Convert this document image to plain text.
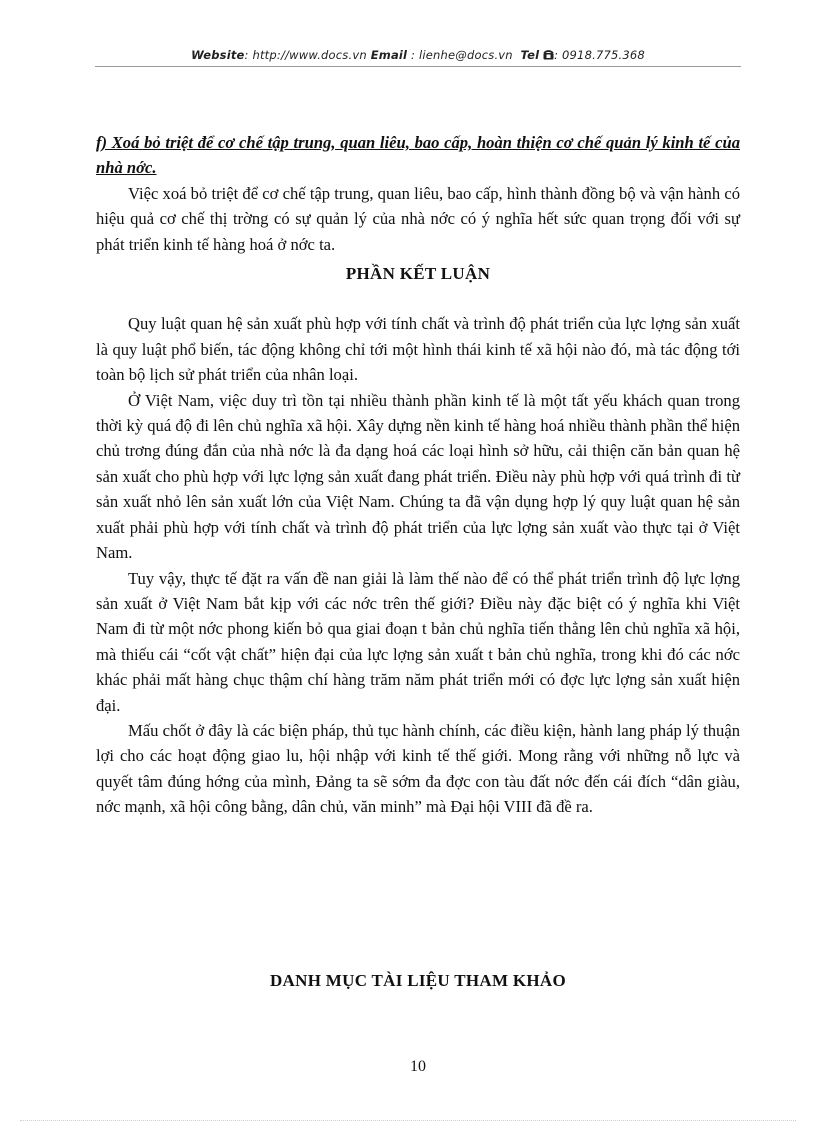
Website: http://www.docs.vn Email : lienhe@docs.vn Tel : 0918.775.368

f) Xoá bỏ triệt để cơ chế tập trung, quan liêu, bao cấp, hoàn thiện cơ chế quản lý kinh tế của nhà nớc.

Việc xoá bỏ triệt để cơ chế tập trung, quan liêu, bao cấp, hình thành đồng bộ và vận hành có hiệu quả cơ chế thị trờng có sự quản lý của nhà nớc có ý nghĩa hết sức quan trọng đối với sự phát triển kinh tế hàng hoá ở nớc ta.

PHẦN KẾT LUẬN

Quy luật quan hệ sản xuất phù hợp với tính chất và trình độ phát triển của lực lợng sản xuất là quy luật phổ biến, tác động không chỉ tới một hình thái kinh tế xã hội nào đó, mà tác động tới toàn bộ lịch sử phát triển của nhân loại.

Ở Việt Nam, việc duy trì tồn tại nhiều thành phần kinh tế là một tất yếu khách quan trong thời kỳ quá độ đi lên chủ nghĩa xã hội. Xây dựng nền kinh tế hàng hoá nhiều thành phần thể hiện chủ trơng đúng đắn của nhà nớc là đa dạng hoá các loại hình sở hữu, cải thiện căn bản quan hệ sản xuất cho phù hợp với lực lợng sản xuất đang phát triển. Điều này phù hợp với quá trình đi từ sản xuất nhỏ lên sản xuất lớn của Việt Nam. Chúng ta đã vận dụng hợp lý quy luật quan hệ sản xuất phải phù hợp với tính chất và trình độ phát triển của lực lợng sản xuất vào thực tại ở Việt Nam.

Tuy vậy, thực tế đặt ra vấn đề nan giải là làm thế nào để có thể phát triển trình độ lực lợng sản xuất ở Việt Nam bắt kịp với các nớc trên thế giới? Điều này đặc biệt có ý nghĩa khi Việt Nam đi từ một nớc phong kiến bỏ qua giai đoạn t bản chủ nghĩa tiến thẳng lên chủ nghĩa xã hội, mà thiếu cái “cốt vật chất” hiện đại của lực lợng sản xuất t bản chủ nghĩa, trong khi đó các nớc khác phải mất hàng chục thậm chí hàng trăm năm phát triển mới có đợc lực lợng sản xuất hiện đại.

Mấu chốt ở đây là các biện pháp, thủ tục hành chính, các điều kiện, hành lang pháp lý thuận lợi cho các hoạt động giao lu, hội nhập với kinh tế thế giới. Mong rằng với những nỗ lực và quyết tâm đúng hớng của mình, Đảng ta sẽ sớm đa đợc con tàu đất nớc đến cái đích “dân giàu, nớc mạnh, xã hội công bằng, dân chủ, văn minh” mà Đại hội VIII đã đề ra.

DANH MỤC TÀI LIỆU THAM KHẢO
10
